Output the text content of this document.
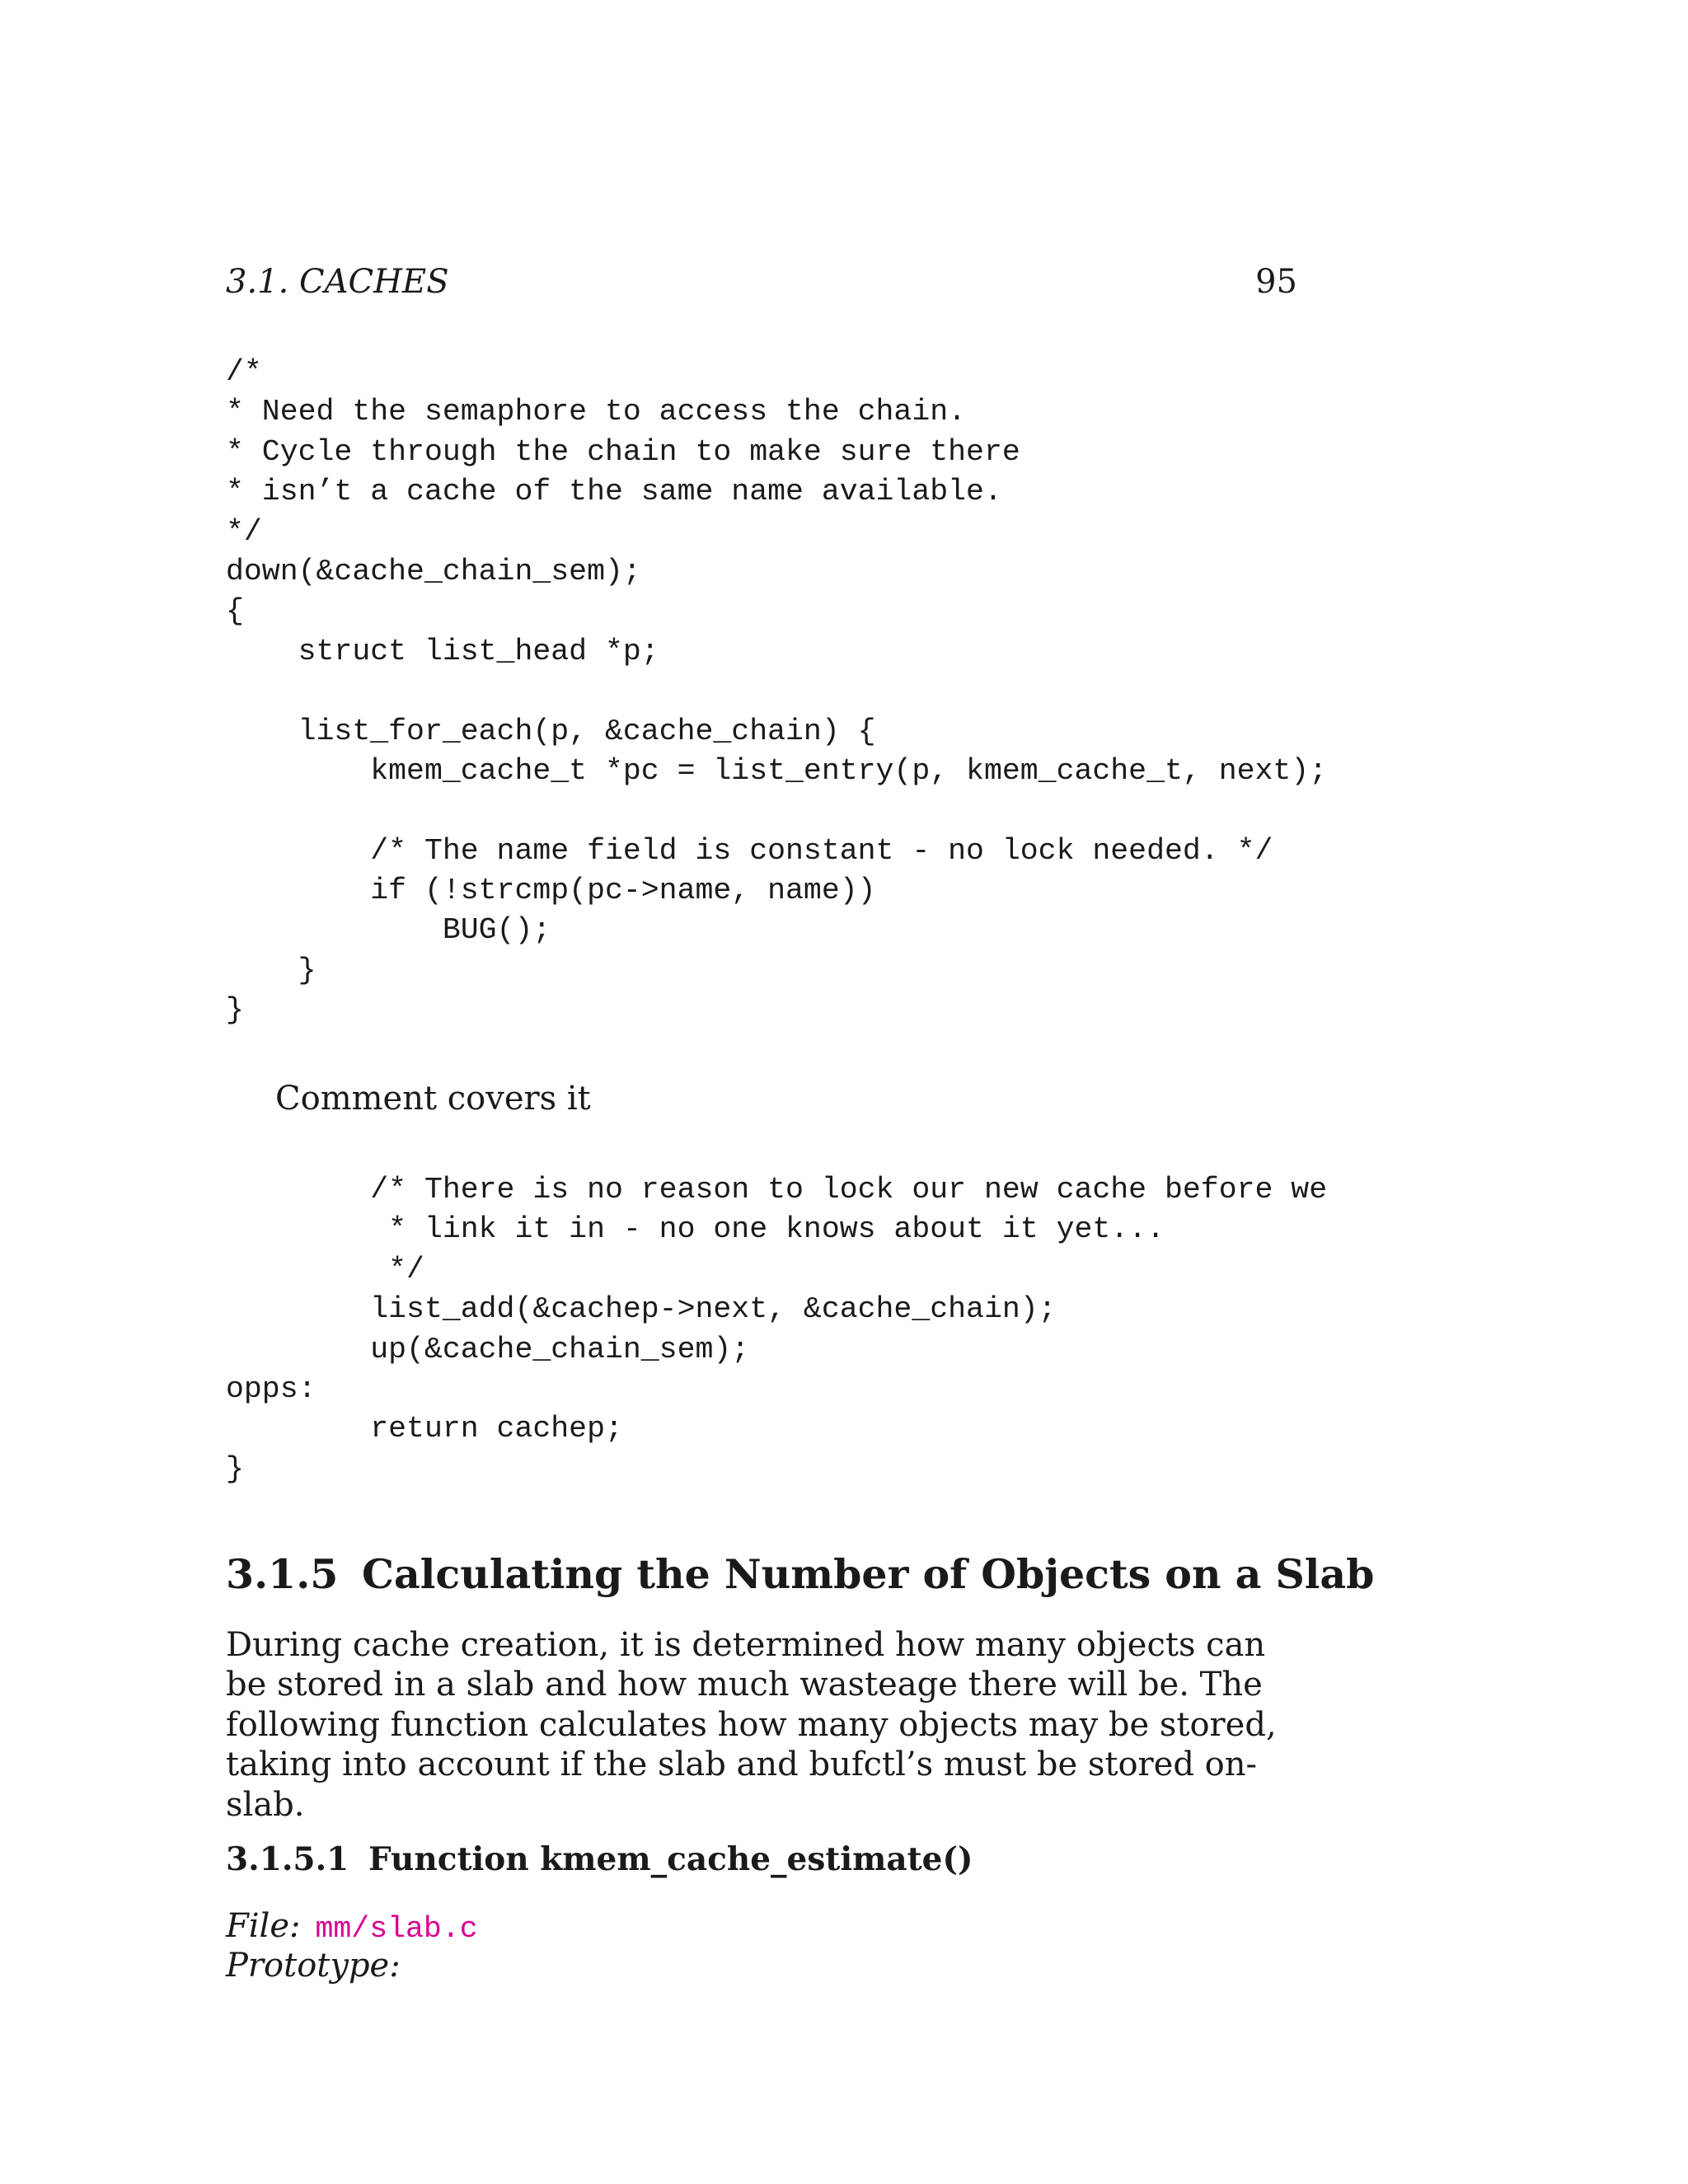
3.1. CACHES	95
/*
* Need the semaphore to access the chain.
* Cycle through the chain to make sure there
* isn’t a cache of the same name available.
*/
down(&cache_chain_sem);
{
struct list_head *p;
list_for_each(p, &cache_chain) {
kmem_cache_t *pc = list_entry(p, kmem_cache_t, next);
/* The name field is constant - no lock needed. */
if (!strcmp(pc->name, name))
BUG();
}
}
Comment covers it
/* There is no reason to lock our new cache before we
* link it in - no one knows about it yet...
*/
list_add(&cachep->next, &cache_chain);
up(&cache_chain_sem);
opps:
return cachep;
}
3.1.5 Calculating the Number of Objects on a Slab
During cache creation, it is determined how many objects can be stored in a slab and how much wasteage there will be. The following function calculates how many objects may be stored, taking into account if the slab and bufctl’s must be stored on-slab.
3.1.5.1 Function kmem_cache_estimate()
File: mm/slab.c
Prototype:
